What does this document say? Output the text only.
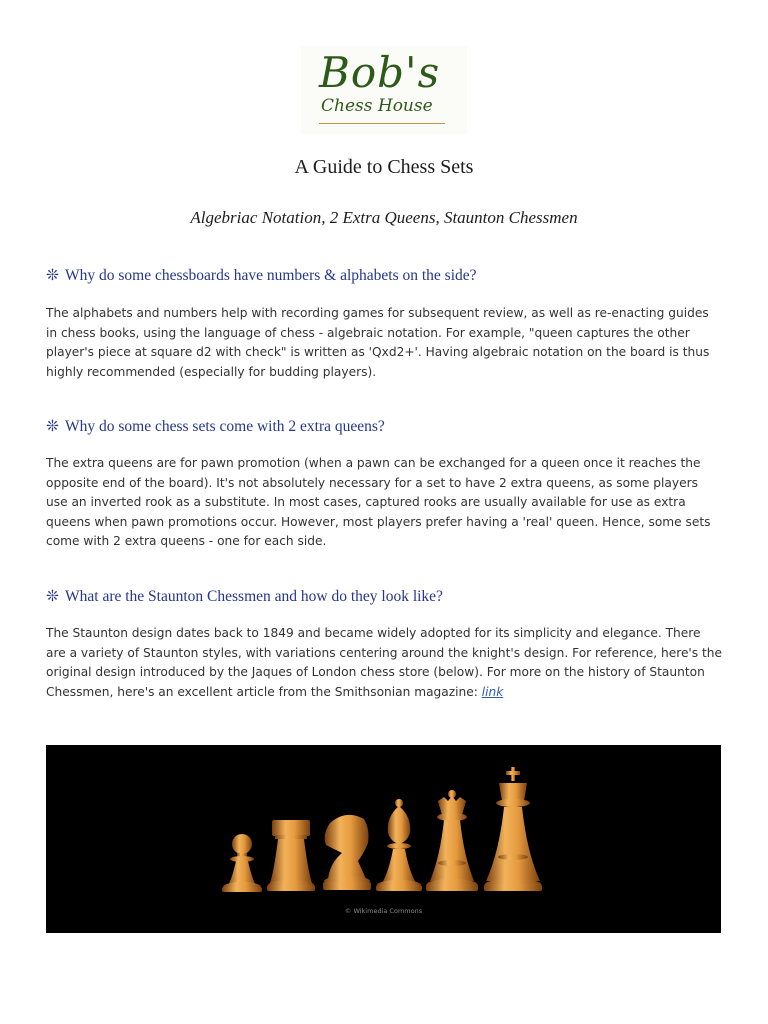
Bob's
Chess House
A Guide to Chess Sets
Algebriac Notation, 2 Extra Queens, Staunton Chessmen
❊ Why do some chessboards have numbers & alphabets on the side?

The alphabets and numbers help with recording games for subsequent review, as well as re-enacting guides in chess books, using the language of chess - algebraic notation. For example, "queen captures the other player's piece at square d2 with check" is written as 'Qxd2+'. Having algebraic notation on the board is thus highly recommended (especially for budding players).

❊ Why do some chess sets come with 2 extra queens?

The extra queens are for pawn promotion (when a pawn can be exchanged for a queen once it reaches the opposite end of the board). It's not absolutely necessary for a set to have 2 extra queens, as some players use an inverted rook as a substitute. In most cases, captured rooks are usually available for use as extra queens when pawn promotions occur. However, most players prefer having a 'real' queen. Hence, some sets come with 2 extra queens - one for each side.

❊ What are the Staunton Chessmen and how do they look like?

The Staunton design dates back to 1849 and became widely adopted for its simplicity and elegance. There are a variety of Staunton styles, with variations centering around the knight's design. For reference, here's the original design introduced by the Jaques of London chess store (below). For more on the history of Staunton Chessmen, here's an excellent article from the Smithsonian magazine: link

© Wikimedia Commons
